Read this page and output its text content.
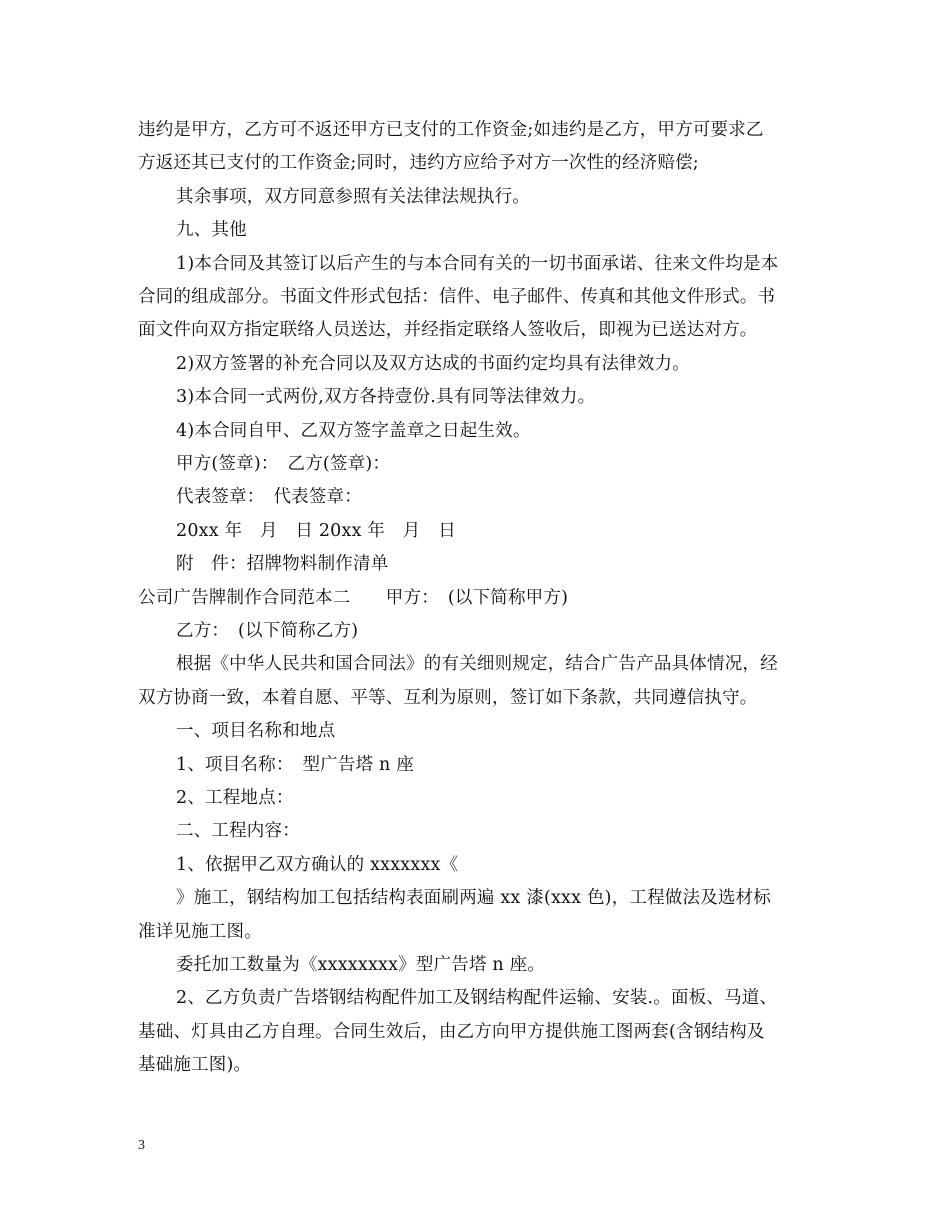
违约是甲方，乙方可不返还甲方已支付的工作资金;如违约是乙方，甲方可要求乙
方返还其已支付的工作资金;同时，违约方应给予对方一次性的经济赔偿;
其余事项，双方同意参照有关法律法规执行。
九、其他
1)本合同及其签订以后产生的与本合同有关的一切书面承诺、往来文件均是本
合同的组成部分。书面文件形式包括：信件、电子邮件、传真和其他文件形式。书
面文件向双方指定联络人员送达，并经指定联络人签收后，即视为已送达对方。
2)双方签署的补充合同以及双方达成的书面约定均具有法律效力。
3)本合同一式两份,双方各持壹份.具有同等法律效力。
4)本合同自甲、乙双方签字盖章之日起生效。
甲方(签章)：　乙方(签章)：
代表签章：　代表签章：
20xx 年　月　日 20xx 年　月　日
附　件：招牌物料制作清单
公司广告牌制作合同范本二　　甲方：　(以下简称甲方)
乙方：　(以下简称乙方)
根据《中华人民共和国合同法》的有关细则规定，结合广告产品具体情况，经
双方协商一致，本着自愿、平等、互利为原则，签订如下条款，共同遵信执守。
一、项目名称和地点
1、项目名称：　型广告塔 n 座
2、工程地点：
二、工程内容：
1、依据甲乙双方确认的 xxxxxxx《
》施工，钢结构加工包括结构表面刷两遍 xx 漆(xxx 色)，工程做法及选材标
准详见施工图。
委托加工数量为《xxxxxxxx》型广告塔 n 座。
2、乙方负责广告塔钢结构配件加工及钢结构配件运输、安装.。面板、马道、
基础、灯具由乙方自理。合同生效后，由乙方向甲方提供施工图两套(含钢结构及
基础施工图)。
3
